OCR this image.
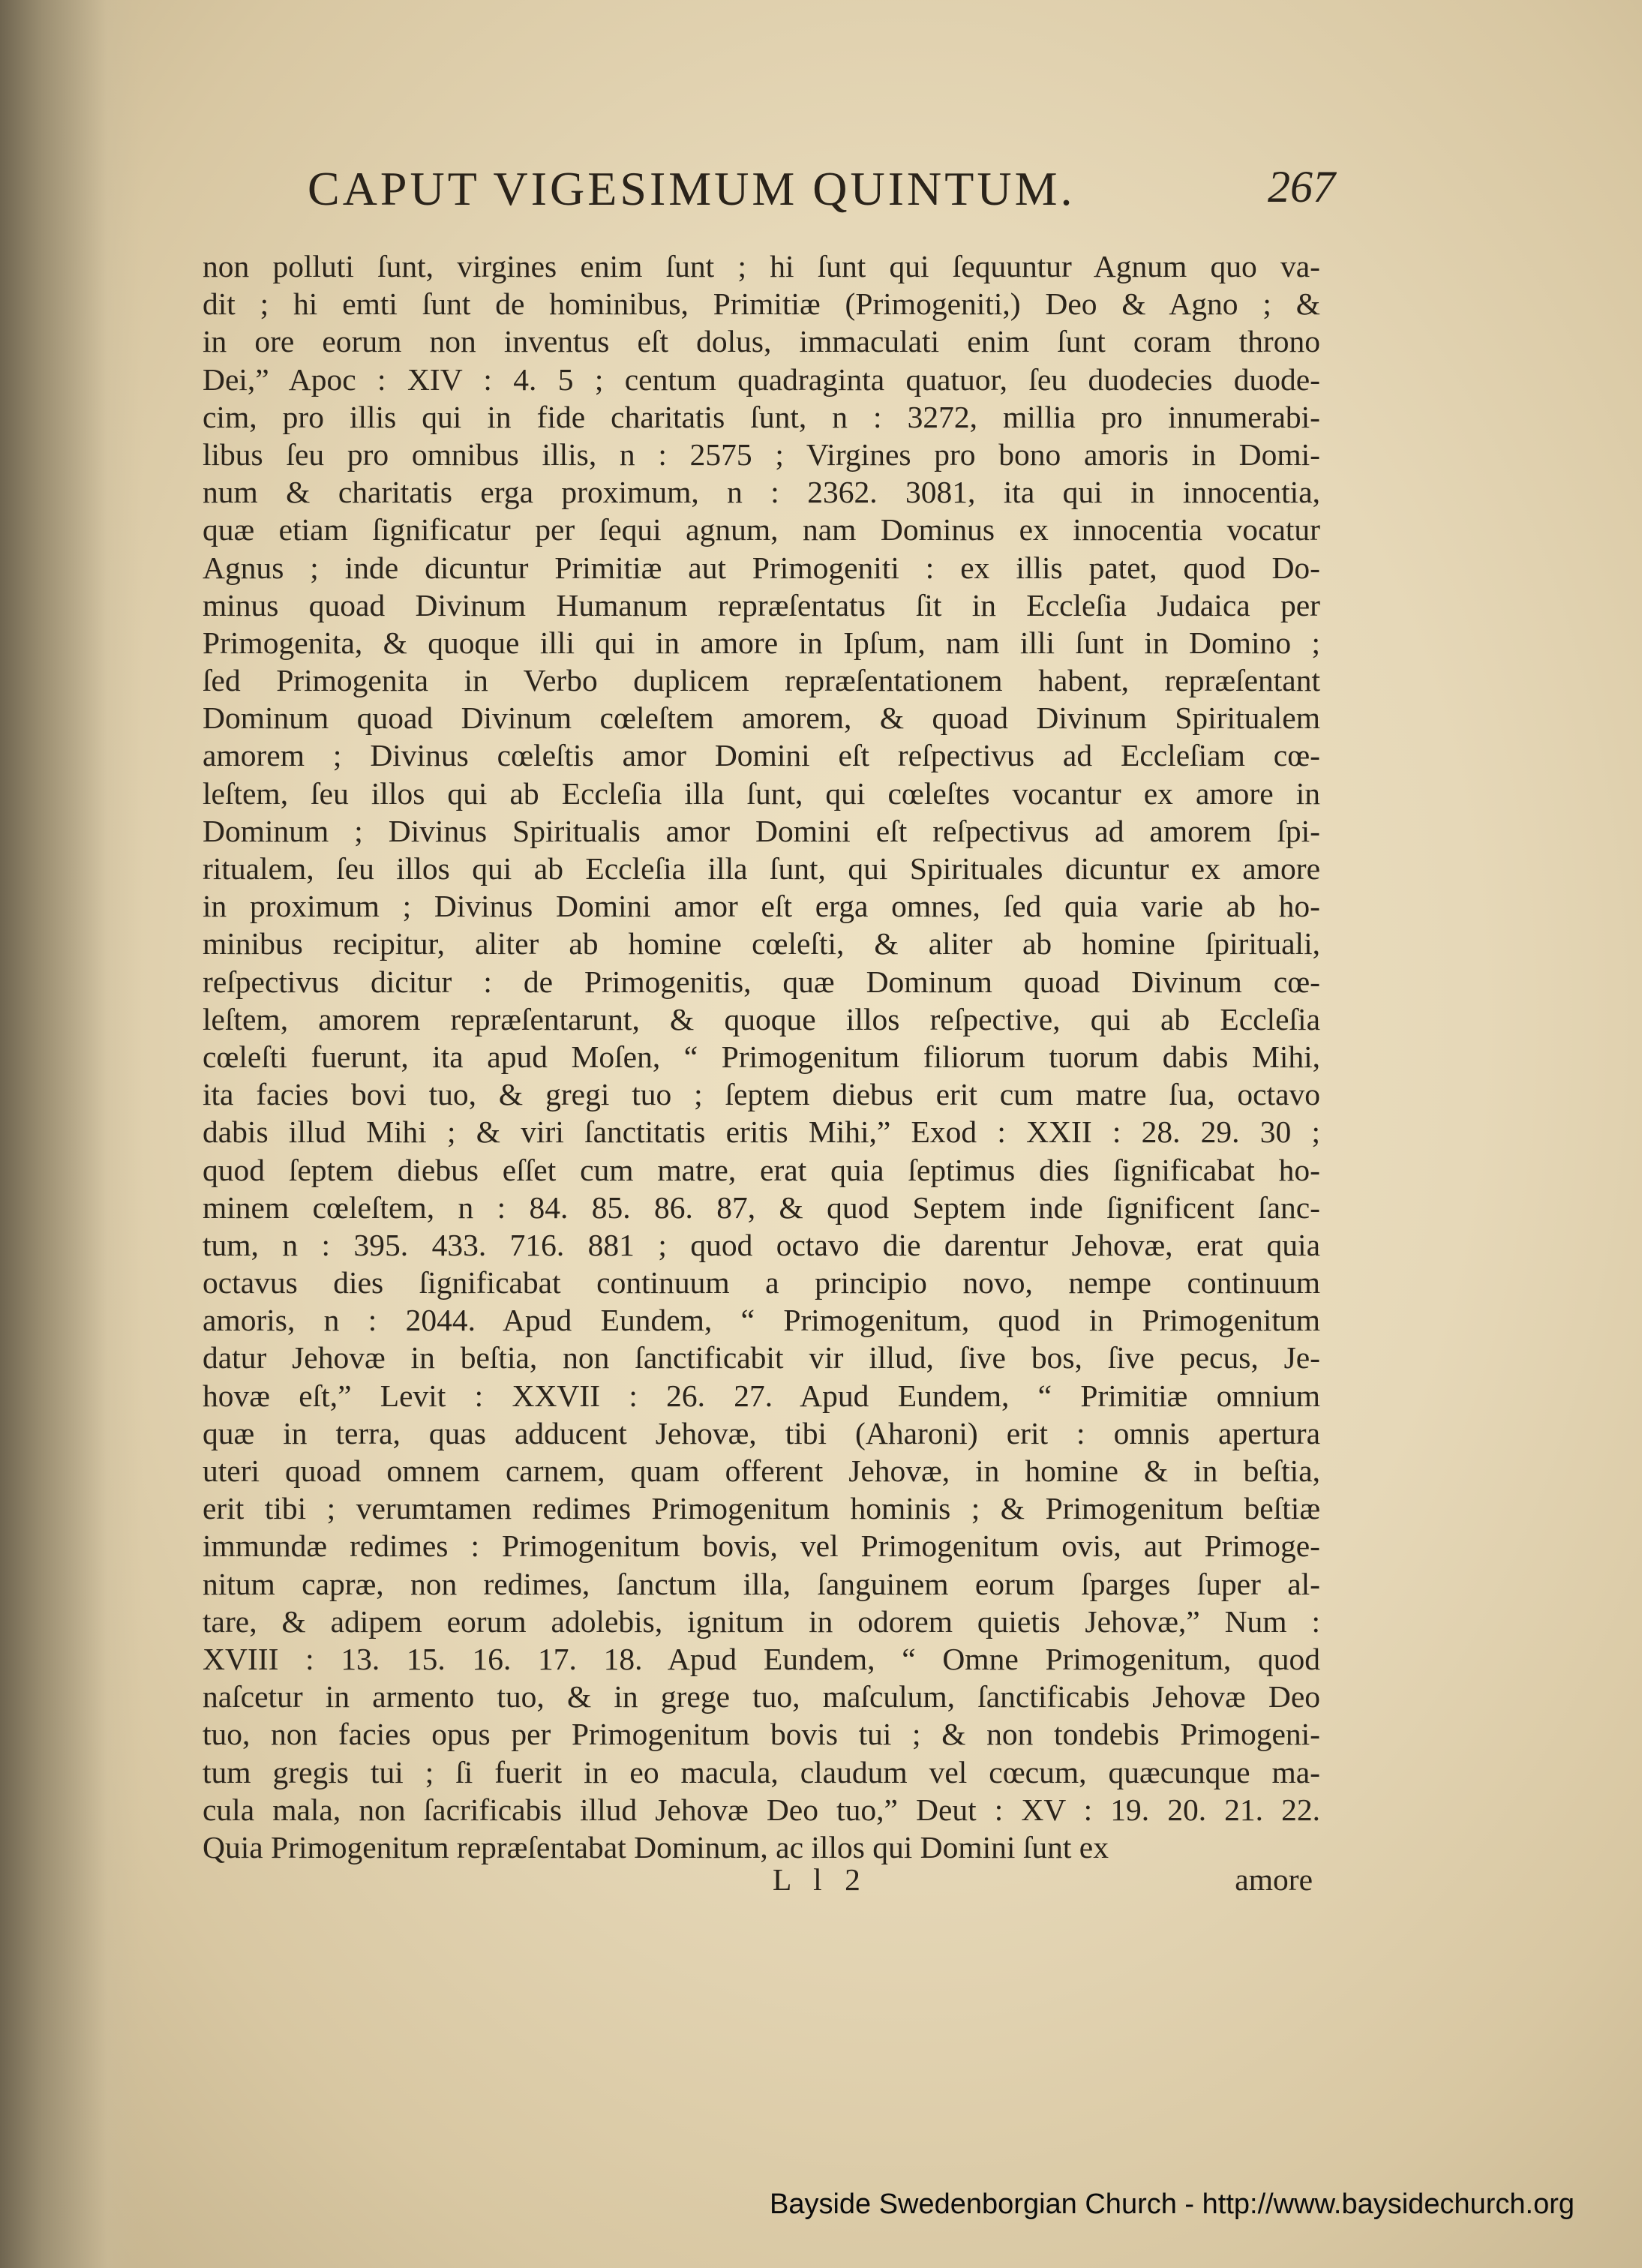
CAPUT VIGESIMUM QUINTUM.	267
non polluti ſunt, virgines enim ſunt ; hi ſunt qui ſequuntur Agnum quo va-
dit ; hi emti ſunt de hominibus, Primitiæ (Primogeniti,) Deo & Agno ; &
in ore eorum non inventus eſt dolus, immaculati enim ſunt coram throno
Dei,” Apoc : XIV : 4. 5 ; centum quadraginta quatuor, ſeu duodecies duode-
cim, pro illis qui in fide charitatis ſunt, n : 3272, millia pro innumerabi-
libus ſeu pro omnibus illis, n : 2575 ; Virgines pro bono amoris in Domi-
num & charitatis erga proximum, n : 2362. 3081, ita qui in innocentia,
quæ etiam ſignificatur per ſequi agnum, nam Dominus ex innocentia vocatur
Agnus ; inde dicuntur Primitiæ aut Primogeniti : ex illis patet, quod Do-
minus quoad Divinum Humanum repræſentatus ſit in Eccleſia Judaica per
Primogenita, & quoque illi qui in amore in Ipſum, nam illi ſunt in Domino ;
ſed Primogenita in Verbo duplicem repræſentationem habent, repræſentant
Dominum quoad Divinum cœleſtem amorem, & quoad Divinum Spiritualem
amorem ; Divinus cœleſtis amor Domini eſt reſpectivus ad Eccleſiam cœ-
leſtem, ſeu illos qui ab Eccleſia illa ſunt, qui cœleſtes vocantur ex amore in
Dominum ; Divinus Spiritualis amor Domini eſt reſpectivus ad amorem ſpi-
ritualem, ſeu illos qui ab Eccleſia illa ſunt, qui Spirituales dicuntur ex amore
in proximum ; Divinus Domini amor eſt erga omnes, ſed quia varie ab ho-
minibus recipitur, aliter ab homine cœleſti, & aliter ab homine ſpirituali,
reſpectivus dicitur : de Primogenitis, quæ Dominum quoad Divinum cœ-
leſtem, amorem repræſentarunt, & quoque illos reſpective, qui ab Eccleſia
cœleſti fuerunt, ita apud Moſen, “ Primogenitum filiorum tuorum dabis Mihi,
ita facies bovi tuo, & gregi tuo ; ſeptem diebus erit cum matre ſua, octavo
dabis illud Mihi ; & viri ſanctitatis eritis Mihi,” Exod : XXII : 28. 29. 30 ;
quod ſeptem diebus eſſet cum matre, erat quia ſeptimus dies ſignificabat ho-
minem cœleſtem, n : 84. 85. 86. 87, & quod Septem inde ſignificent ſanc-
tum, n : 395. 433. 716. 881 ; quod octavo die darentur Jehovæ, erat quia
octavus dies ſignificabat continuum a principio novo, nempe continuum
amoris, n : 2044. Apud Eundem, “ Primogenitum, quod in Primogenitum
datur Jehovæ in beſtia, non ſanctificabit vir illud, ſive bos, ſive pecus, Je-
hovæ eſt,” Levit : XXVII : 26. 27. Apud Eundem, “ Primitiæ omnium
quæ in terra, quas adducent Jehovæ, tibi (Aharoni) erit : omnis apertura
uteri quoad omnem carnem, quam offerent Jehovæ, in homine & in beſtia,
erit tibi ; verumtamen redimes Primogenitum hominis ; & Primogenitum beſtiæ
immundæ redimes : Primogenitum bovis, vel Primogenitum ovis, aut Primoge-
nitum capræ, non redimes, ſanctum illa, ſanguinem eorum ſparges ſuper al-
tare, & adipem eorum adolebis, ignitum in odorem quietis Jehovæ,” Num :
XVIII : 13. 15. 16. 17. 18. Apud Eundem, “ Omne Primogenitum, quod
naſcetur in armento tuo, & in grege tuo, maſculum, ſanctificabis Jehovæ Deo
tuo, non facies opus per Primogenitum bovis tui ; & non tondebis Primogeni-
tum gregis tui ; ſi fuerit in eo macula, claudum vel cœcum, quæcunque ma-
cula mala, non ſacrificabis illud Jehovæ Deo tuo,” Deut : XV : 19. 20. 21. 22.
Quia Primogenitum repræſentabat Dominum, ac illos qui Domini ſunt ex
L l 2	amore
Bayside Swedenborgian Church - http://www.baysidechurch.org
